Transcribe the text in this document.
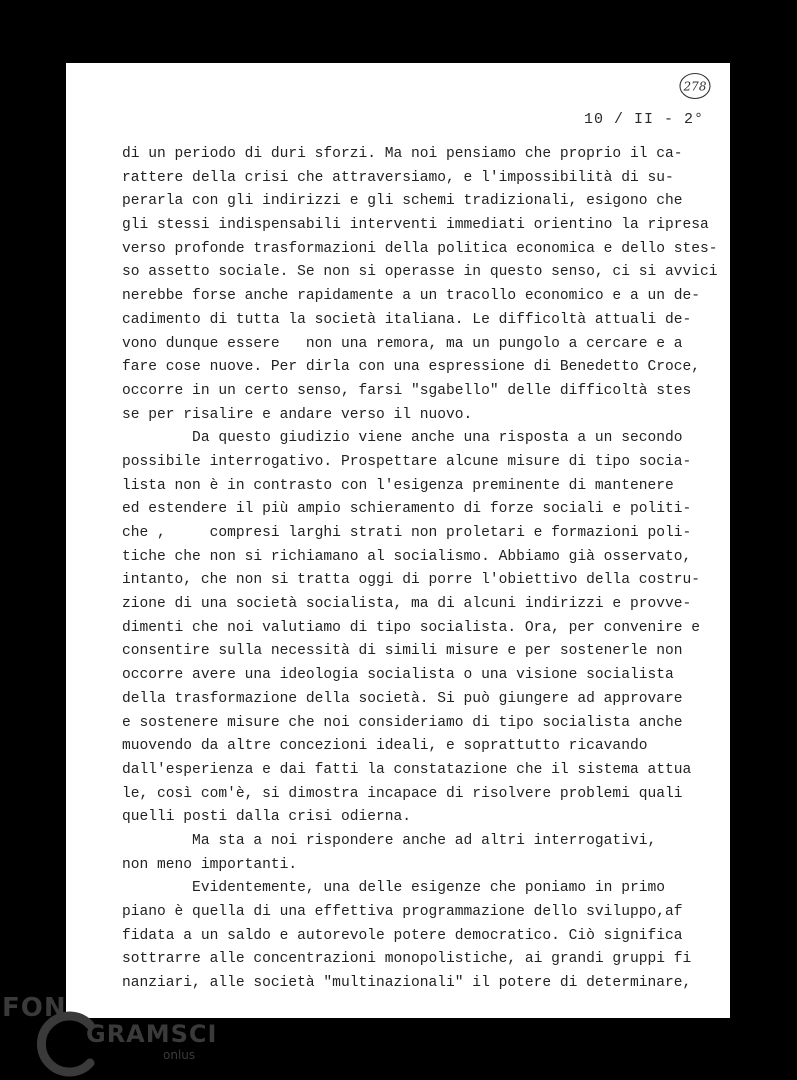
278
10 / II - 2°
di un periodo di duri sforzi. Ma noi pensiamo che proprio il ca-
rattere della crisi che attraversiamo, e l'impossibilità di su-
perarla con gli indirizzi e gli schemi tradizionali, esigono che
gli stessi indispensabili interventi immediati orientino la ripresa
verso profonde trasformazioni della politica economica e dello stes-
so assetto sociale. Se non si operasse in questo senso, ci si avvici
nerebbe forse anche rapidamente a un tracollo economico e a un de-
cadimento di tutta la società italiana. Le difficoltà attuali de-
vono dunque essere   non una remora, ma un pungolo a cercare e a
fare cose nuove. Per dirla con una espressione di Benedetto Croce,
occorre in un certo senso, farsi "sgabello" delle difficoltà stes
se per risalire e andare verso il nuovo.
Da questo giudizio viene anche una risposta a un secondo
possibile interrogativo. Prospettare alcune misure di tipo socia-
lista non è in contrasto con l'esigenza preminente di mantenere
ed estendere il più ampio schieramento di forze sociali e politi-
che ,     compresi larghi strati non proletari e formazioni poli-
tiche che non si richiamano al socialismo. Abbiamo già osservato,
intanto, che non si tratta oggi di porre l'obiettivo della costru-
zione di una società socialista, ma di alcuni indirizzi e provve-
dimenti che noi valutiamo di tipo socialista. Ora, per convenire e
consentire sulla necessità di simili misure e per sostenerle non
occorre avere una ideologia socialista o una visione socialista
della trasformazione della società. Si può giungere ad approvare
e sostenere misure che noi consideriamo di tipo socialista anche
muovendo da altre concezioni ideali, e soprattutto ricavando
dall'esperienza e dai fatti la constatazione che il sistema attua
le, così com'è, si dimostra incapace di risolvere problemi quali
quelli posti dalla crisi odierna.
Ma sta a noi rispondere anche ad altri interrogativi,
non meno importanti.
Evidentemente, una delle esigenze che poniamo in primo
piano è quella di una effettiva programmazione dello sviluppo,af
fidata a un saldo e autorevole potere democratico. Ciò significa
sottrarre alle concentrazioni monopolistiche, ai grandi gruppi fi
nanziari, alle società "multinazionali" il potere di determinare,
FON
GRAMSCI
onlus
